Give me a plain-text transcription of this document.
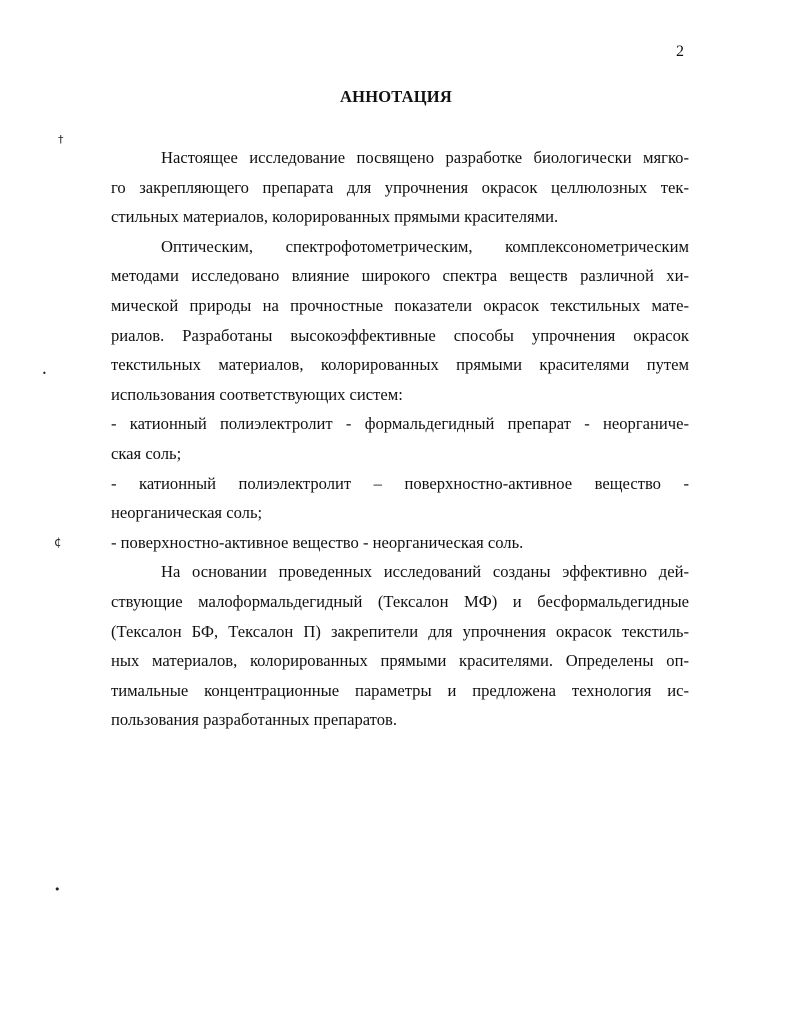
2
АННОТАЦИЯ
†
•
¢
•
Настоящее исследование посвящено разработке биологически мягко-
го закрепляющего препарата для упрочнения окрасок целлюлозных тек-
стильных материалов, колорированных прямыми красителями.
Оптическим, спектрофотометрическим, комплексонометрическим
методами исследовано влияние широкого спектра веществ различной хи-
мической природы на прочностные показатели окрасок текстильных мате-
риалов. Разработаны высокоэффективные способы упрочнения окрасок
текстильных материалов, колорированных прямыми красителями путем
использования соответствующих систем:
- катионный полиэлектролит - формальдегидный препарат - неорганиче-
ская соль;
- катионный полиэлектролит – поверхностно-активное вещество -
неорганическая соль;
- поверхностно-активное вещество - неорганическая соль.
На основании проведенных исследований созданы эффективно дей-
ствующие малоформальдегидный (Тексалон МФ) и бесформальдегидные
(Тексалон БФ, Тексалон П) закрепители для упрочнения окрасок текстиль-
ных материалов, колорированных прямыми красителями. Определены оп-
тимальные концентрационные параметры и предложена технология ис-
пользования разработанных препаратов.
